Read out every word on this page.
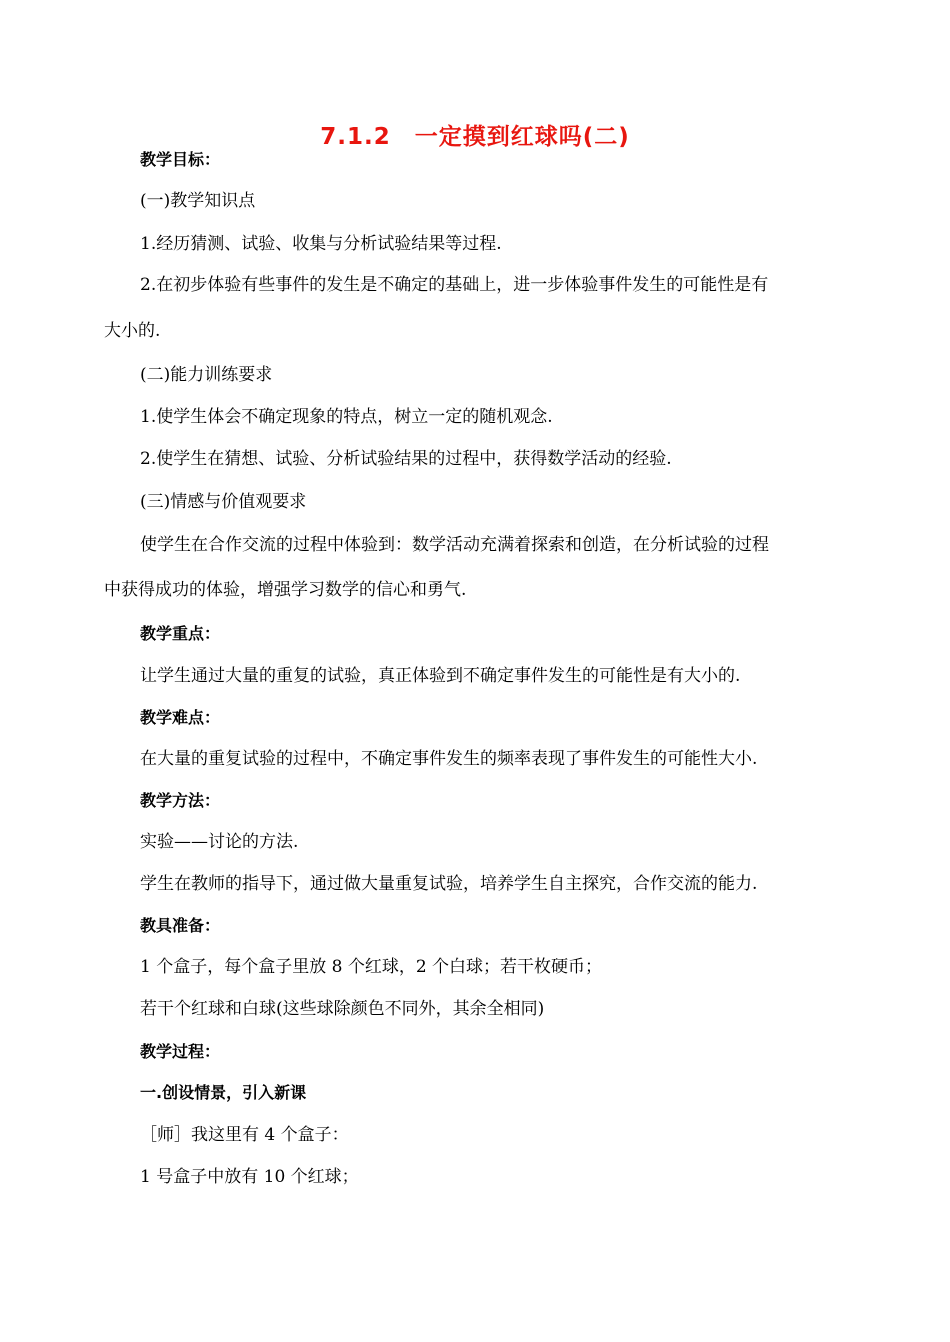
7.1.2　一定摸到红球吗(二)
教学目标：
(一)教学知识点
1.经历猜测、试验、收集与分析试验结果等过程.
2.在初步体验有些事件的发生是不确定的基础上，进一步体验事件发生的可能性是有
大小的.
(二)能力训练要求
1.使学生体会不确定现象的特点，树立一定的随机观念.
2.使学生在猜想、试验、分析试验结果的过程中，获得数学活动的经验.
(三)情感与价值观要求
使学生在合作交流的过程中体验到：数学活动充满着探索和创造，在分析试验的过程
中获得成功的体验，增强学习数学的信心和勇气.
教学重点：
让学生通过大量的重复的试验，真正体验到不确定事件发生的可能性是有大小的.
教学难点：
在大量的重复试验的过程中，不确定事件发生的频率表现了事件发生的可能性大小.
教学方法：
实验——讨论的方法.
学生在教师的指导下，通过做大量重复试验，培养学生自主探究，合作交流的能力.
教具准备：
1 个盒子，每个盒子里放 8 个红球，2 个白球；若干枚硬币；
若干个红球和白球(这些球除颜色不同外，其余全相同)
教学过程：
一.创设情景，引入新课
［师］我这里有 4 个盒子：
1 号盒子中放有 10 个红球；
